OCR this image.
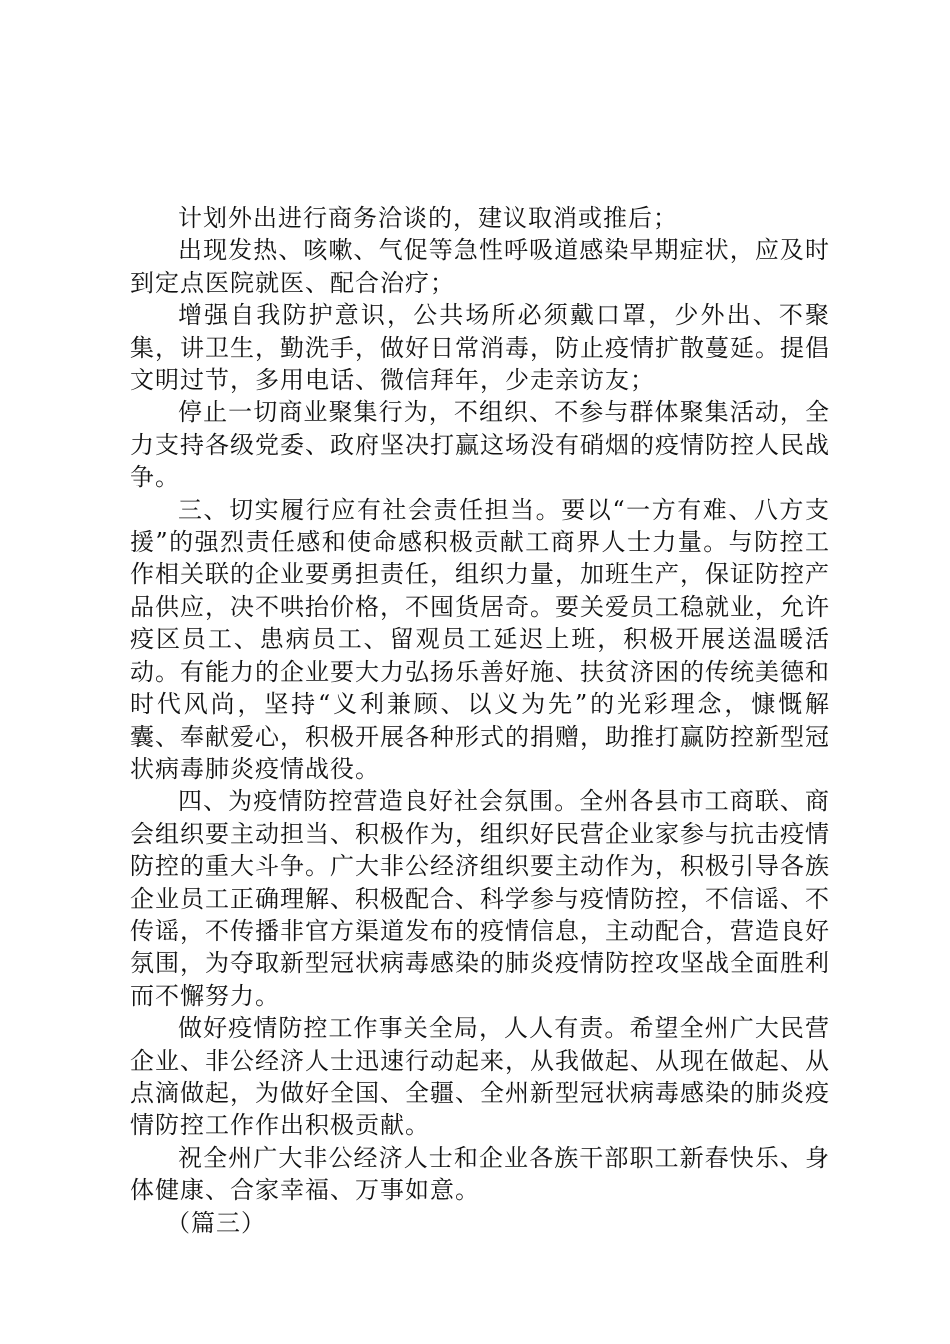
计划外出进行商务洽谈的，建议取消或推后；

出现发热、咳嗽、气促等急性呼吸道感染早期症状，应及时到定点医院就医、配合治疗；

增强自我防护意识，公共场所必须戴口罩，少外出、不聚集，讲卫生，勤洗手，做好日常消毒，防止疫情扩散蔓延。提倡文明过节，多用电话、微信拜年，少走亲访友；

停止一切商业聚集行为，不组织、不参与群体聚集活动，全力支持各级党委、政府坚决打赢这场没有硝烟的疫情防控人民战争。

三、切实履行应有社会责任担当。要以“一方有难、八方支援”的强烈责任感和使命感积极贡献工商界人士力量。与防控工作相关联的企业要勇担责任，组织力量，加班生产，保证防控产品供应，决不哄抬价格，不囤货居奇。要关爱员工稳就业，允许疫区员工、患病员工、留观员工延迟上班，积极开展送温暖活动。有能力的企业要大力弘扬乐善好施、扶贫济困的传统美德和时代风尚，坚持“义利兼顾、以义为先”的光彩理念，慷慨解囊、奉献爱心，积极开展各种形式的捐赠，助推打赢防控新型冠状病毒肺炎疫情战役。

四、为疫情防控营造良好社会氛围。全州各县市工商联、商会组织要主动担当、积极作为，组织好民营企业家参与抗击疫情防控的重大斗争。广大非公经济组织要主动作为，积极引导各族企业员工正确理解、积极配合、科学参与疫情防控，不信谣、不传谣，不传播非官方渠道发布的疫情信息，主动配合，营造良好氛围，为夺取新型冠状病毒感染的肺炎疫情防控攻坚战全面胜利而不懈努力。

做好疫情防控工作事关全局，人人有责。希望全州广大民营企业、非公经济人士迅速行动起来，从我做起、从现在做起、从点滴做起，为做好全国、全疆、全州新型冠状病毒感染的肺炎疫情防控工作作出积极贡献。

祝全州广大非公经济人士和企业各族干部职工新春快乐、身体健康、合家幸福、万事如意。

（篇三）
